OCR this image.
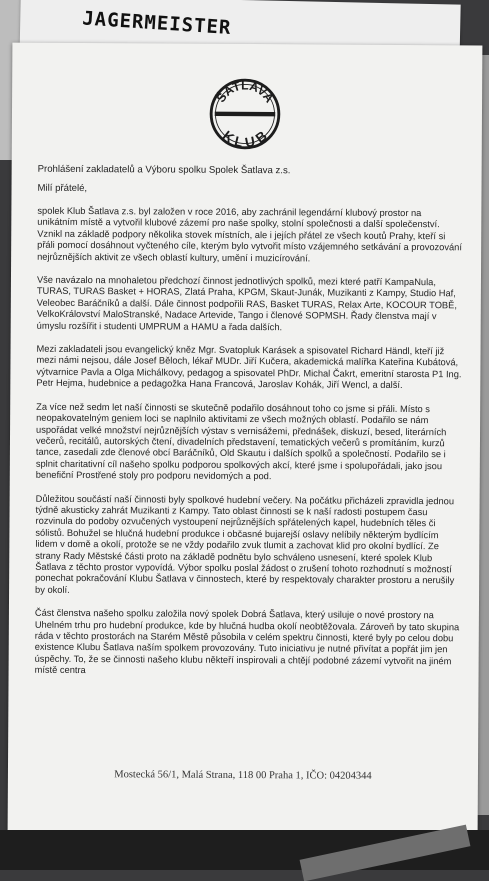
JAGERMEISTER
ŠATLAVA
KLUB
Prohlášení zakladatelů a Výboru spolku Spolek Šatlava z.s.
Milí přátelé,

spolek Klub Šatlava z.s. byl založen v roce 2016, aby zachránil legendární klubový prostor na unikátním místě a vytvořil klubové zázemí pro naše spolky, stolní společnosti a další společenství. Vznikl na základě podpory několika stovek místních, ale i jejích přátel ze všech koutů Prahy, kteří si přáli pomocí dosáhnout vyčteného cíle, kterým bylo vytvořit místo vzájemného setkávání a provozování nejrůznějších aktivit ze všech oblastí kultury, umění i muzicírování.

Vše navázalo na mnohaletou předchozí činnost jednotlivých spolků, mezi které patří KampaNula, TURAS, TURAS Basket + HORAS, Zlatá Praha, KPGM, Skaut-Junák, Muzikanti z Kampy, Studio Haf, Veleobec Baráčníků a další. Dále činnost podpořili RAS, Basket TURAS, Relax Arte, KOCOUR TOBĚ, VelkoKrálovství MaloStranské, Nadace Artevide, Tango i členové SOPMSH. Řady členstva mají v úmyslu rozšířit i studenti UMPRUM a HAMU a řada dalších.

Mezi zakladateli jsou evangelický kněz Mgr. Svatopluk Karásek a spisovatel Richard Händl, kteří již mezi námi nejsou, dále Josef Běloch, lékař MUDr. Jiří Kučera, akademická malířka Kateřina Kubátová, výtvarnice Pavla a Olga Michálkovy, pedagog a spisovatel PhDr. Michal Čakrt, emeritní starosta P1 Ing. Petr Hejma, hudebnice a pedagožka Hana Francová, Jaroslav Kohák, Jiří Wencl, a další.

Za více než sedm let naší činnosti se skutečně podařilo dosáhnout toho co jsme si přáli. Místo s neopakovatelným geniem loci se naplnilo aktivitami ze všech možných oblastí. Podařilo se nám uspořádat velké množství nejrůznějších výstav s vernisážemi, přednášek, diskuzí, besed, literárních večerů, recitálů, autorských čtení, divadelních představení, tematických večerů s promítáním, kurzů tance, zasedali zde členové obcí Baráčníků, Old Skautu i dalších spolků a společností. Podařilo se i splnit charitativní cíl našeho spolku podporou spolkových akcí, které jsme i spolupořádali, jako jsou benefiční Prostřené stoly pro podporu nevidomých a pod.

Důležitou součástí naší činnosti byly spolkové hudební večery. Na počátku přicházeli zpravidla jednou týdně akusticky zahrát Muzikanti z Kampy. Tato oblast činnosti se k naší radosti postupem času rozvinula do podoby ozvučených vystoupení nejrůznějších spřátelených kapel, hudebních těles či sólistů. Bohužel se hlučná hudební produkce i občasné bujarejší oslavy nelíbily některým bydlícím lidem v domě a okolí, protože se ne vždy podařilo zvuk tlumit a zachovat klid pro okolní bydlící. Ze strany Rady Městské části proto na základě podnětu bylo schváleno usnesení, které spolek Klub Šatlava z těchto prostor vypovídá. Výbor spolku poslal žádost o zrušení tohoto rozhodnutí s možností ponechat pokračování Klubu Šatlava v činnostech, které by respektovaly charakter prostoru a nerušily by okolí.

Část členstva našeho spolku založila nový spolek Dobrá Šatlava, který usiluje o nové prostory na Uhelném trhu pro hudební produkce, kde by hlučná hudba okolí neobtěžovala. Zároveň by tato skupina ráda v těchto prostorách na Starém Městě působila v celém spektru činnosti, které byly po celou dobu existence Klubu Šatlava naším spolkem provozovány. Tuto iniciativu je nutné přivítat a popřát jim jen úspěchy. To, že se činnosti našeho klubu někteří inspirovali a chtějí podobné zázemí vytvořit na jiném místě centra

Mostecká 56/1, Malá Strana, 118 00 Praha 1, IČO: 04204344
